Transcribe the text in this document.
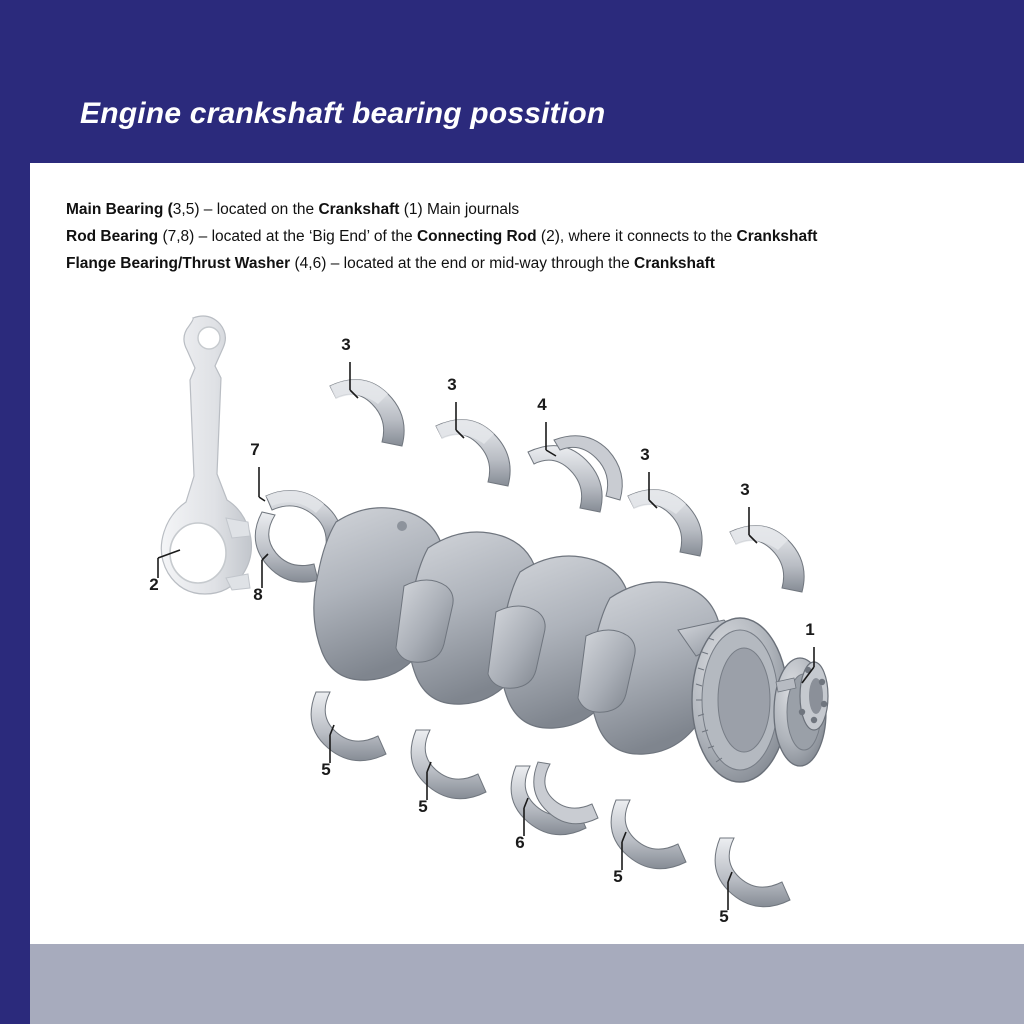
Engine crankshaft bearing possition
Main Bearing (3,5) – located on the Crankshaft (1) Main journals
Rod Bearing (7,8) – located at the ‘Big End’ of the Connecting Rod (2), where it connects to the Crankshaft
Flange Bearing/Thrust Washer (4,6) – located at the end or mid-way through the Crankshaft
3
3
4
3
3
7
8
2
1
5
5
6
5
5
